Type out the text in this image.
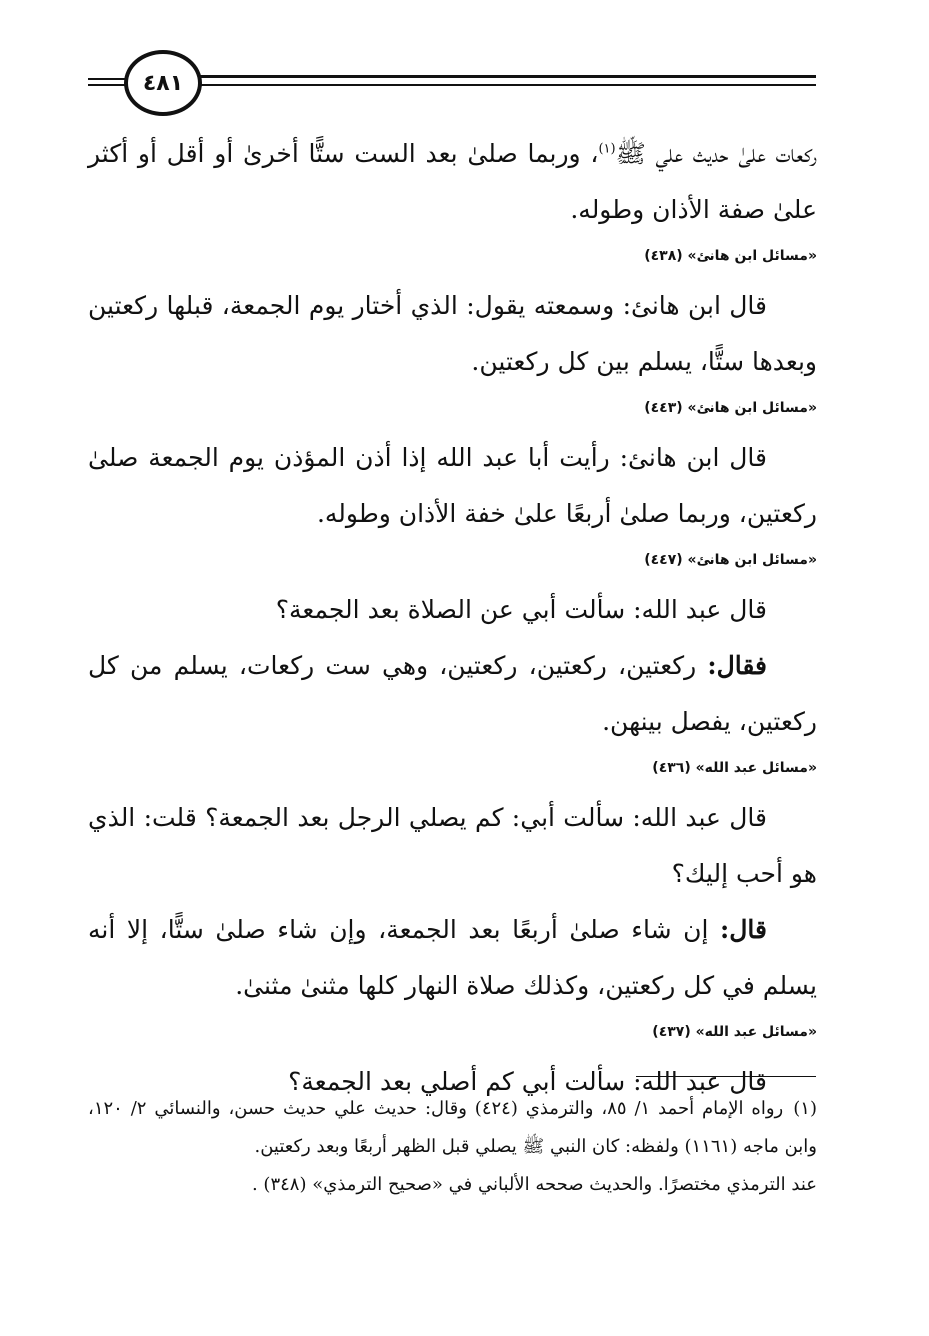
٤٨١

ركعات علىٰ حديث علي ﷺ$^{(١)}$، وربما صلىٰ بعد الست ستًّا أخرىٰ أو أقل أو أكثر علىٰ صفة الأذان وطوله.

«مسائل ابن هانئ» (٤٣٨)

قال ابن هانئ: وسمعته يقول: الذي أختار يوم الجمعة، قبلها ركعتين وبعدها ستًّا، يسلم بين كل ركعتين.

«مسائل ابن هانئ» (٤٤٣)

قال ابن هانئ: رأيت أبا عبد الله إذا أذن المؤذن يوم الجمعة صلىٰ ركعتين، وربما صلىٰ أربعًا علىٰ خفة الأذان وطوله.

«مسائل ابن هانئ» (٤٤٧)

قال عبد الله: سألت أبي عن الصلاة بعد الجمعة؟

فقال: ركعتين، ركعتين، ركعتين، وهي ست ركعات، يسلم من كل ركعتين، يفصل بينهن.

«مسائل عبد الله» (٤٣٦)

قال عبد الله: سألت أبي: كم يصلي الرجل بعد الجمعة؟ قلت: الذي هو أحب إليك؟

قال: إن شاء صلىٰ أربعًا بعد الجمعة، وإن شاء صلىٰ ستًّا، إلا أنه يسلم في كل ركعتين، وكذلك صلاة النهار كلها مثنىٰ مثنىٰ.

«مسائل عبد الله» (٤٣٧)

قال عبد الله: سألت أبي كم أصلي بعد الجمعة؟

(١)رواه الإمام أحمد ١/ ٨٥، والترمذي (٤٢٤) وقال: حديث علي حديث حسن، والنسائي ٢/ ١٢٠، وابن ماجه (١١٦١) ولفظه: كان النبي ﷺ يصلي قبل الظهر أربعًا وبعد ركعتين.

عند الترمذي مختصرًا. والحديث صححه الألباني في «صحيح الترمذي» (٣٤٨) .
